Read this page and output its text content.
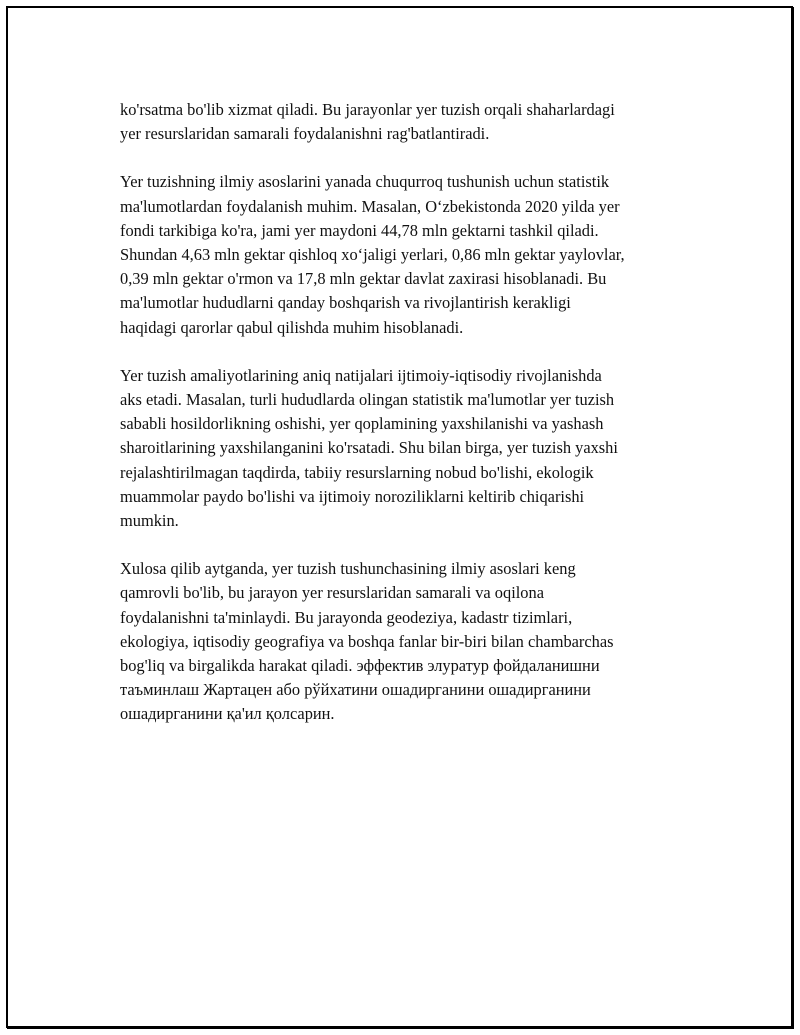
ko'rsatma bo'lib xizmat qiladi. Bu jarayonlar yer tuzish orqali shaharlardagi
yer resurslaridan samarali foydalanishni rag'batlantiradi.

Yer tuzishning ilmiy asoslarini yanada chuqurroq tushunish uchun statistik
ma'lumotlardan foydalanish muhim. Masalan, O‘zbekistonda 2020 yilda yer
fondi tarkibiga ko'ra, jami yer maydoni 44,78 mln gektarni tashkil qiladi.
Shundan 4,63 mln gektar qishloq xo‘jaligi yerlari, 0,86 mln gektar yaylovlar,
0,39 mln gektar o'rmon va 17,8 mln gektar davlat zaxirasi hisoblanadi. Bu
ma'lumotlar hududlarni qanday boshqarish va rivojlantirish kerakligi
haqidagi qarorlar qabul qilishda muhim hisoblanadi.

Yer tuzish amaliyotlarining aniq natijalari ijtimoiy-iqtisodiy rivojlanishda
aks etadi. Masalan, turli hududlarda olingan statistik ma'lumotlar yer tuzish
sababli hosildorlikning oshishi, yer qoplamining yaxshilanishi va yashash
sharoitlarining yaxshilanganini ko'rsatadi. Shu bilan birga, yer tuzish yaxshi
rejalashtirilmagan taqdirda, tabiiy resurslarning nobud bo'lishi, ekologik
muammolar paydo bo'lishi va ijtimoiy noroziliklarni keltirib chiqarishi
mumkin.

Xulosa qilib aytganda, yer tuzish tushunchasining ilmiy asoslari keng
qamrovli bo'lib, bu jarayon yer resurslaridan samarali va oqilona
foydalanishni ta'minlaydi. Bu jarayonda geodeziya, kadastr tizimlari,
ekologiya, iqtisodiy geografiya va boshqa fanlar bir-biri bilan chambarchas
bog'liq va birgalikda harakat qiladi. эффектив элуратур фойдаланишни
таъминлаш Жартацен або рўйхатини ошадирганини ошадирганини
ошадирганини қа'ил қолсарин.
